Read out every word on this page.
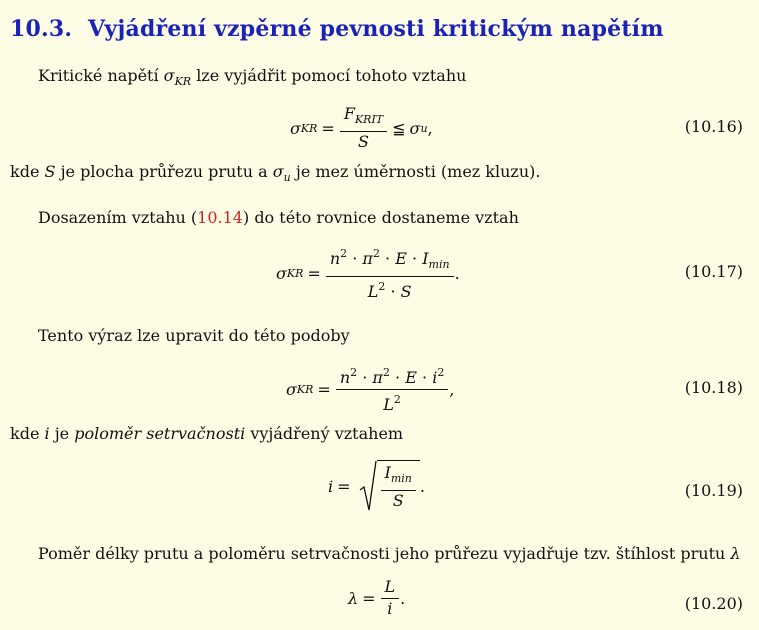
10.3. Vyjádření vzpěrné pevnosti kritickým napětím
Kritické napětí $\sigma_{KR}$ lze vyjádřit pomocí tohoto vztahu
σ KR = $\frac{F_{KRIT}}{S}$ ≦ σ u ,	(10.16)
kde S je plocha průřezu prutu a $\sigma_u$ je mez úměrnosti (mez kluzu).
Dosazením vztahu (10.14) do této rovnice dostaneme vztah
σ KR =
$n^2 \cdot \pi^2 \cdot E \cdot I_{min}$
$L^2 \cdot S$
.	(10.17)
Tento výraz lze upravit do této podoby
σ KR =
$n^2 \cdot \pi^2 \cdot E \cdot i^2$
$L^2$
,	(10.18)
kde i je poloměr setrvačnosti vyjádřený vztahem
$i = \frac{I_{min}}{S}$ .	(10.19)
Poměr délky prutu a poloměru setrvačnosti jeho průřezu vyjadřuje tzv. štíhlost prutu λ
$\lambda = \frac{L}{i}$ .	(10.20)
